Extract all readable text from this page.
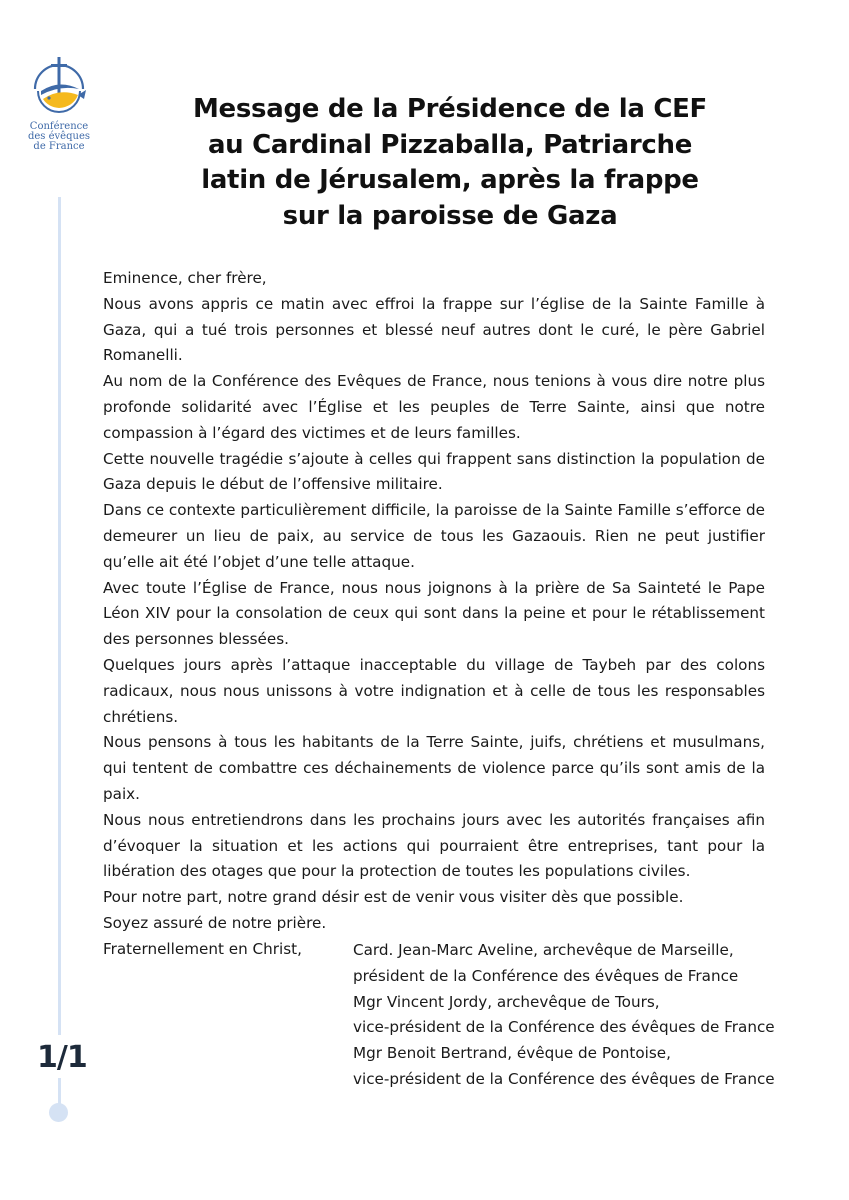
Conférence
des évêques
de France
1/1
Message de la Présidence de la CEF
au Cardinal Pizzaballa, Patriarche
latin de Jérusalem, après la frappe
sur la paroisse de Gaza

Eminence, cher frère,

Nous avons appris ce matin avec effroi la frappe sur l’église de la Sainte Famille à Gaza, qui a tué trois personnes et blessé neuf autres dont le curé, le père Gabriel Romanelli.

Au nom de la Conférence des Evêques de France, nous tenions à vous dire notre plus profonde solidarité avec l’Église et les peuples de Terre Sainte, ainsi que notre compassion à l’égard des victimes et de leurs familles.

Cette nouvelle tragédie s’ajoute à celles qui frappent sans distinction la population de Gaza depuis le début de l’offensive militaire.

Dans ce contexte particulièrement difficile, la paroisse de la Sainte Famille s’efforce de demeurer un lieu de paix, au service de tous les Gazaouis. Rien ne peut justifier qu’elle ait été l’objet d’une telle attaque.

Avec toute l’Église de France, nous nous joignons à la prière de Sa Sainteté le Pape Léon XIV pour la consolation de ceux qui sont dans la peine et pour le rétablissement des personnes blessées.

Quelques jours après l’attaque inacceptable du village de Taybeh par des colons radicaux, nous nous unissons à votre indignation et à celle de tous les responsables chrétiens.

Nous pensons à tous les habitants de la Terre Sainte, juifs, chrétiens et musulmans, qui tentent de combattre ces déchainements de violence parce qu’ils sont amis de la paix.

Nous nous entretiendrons dans les prochains jours avec les autorités françaises afin d’évoquer la situation et les actions qui pourraient être entreprises, tant pour la libération des otages que pour la protection de toutes les populations civiles.

Pour notre part, notre grand désir est de venir vous visiter dès que possible.

Soyez assuré de notre prière.

Fraternellement en Christ,	Card. Jean-Marc Aveline, archevêque de Marseille,
président de la Conférence des évêques de France
Mgr Vincent Jordy, archevêque de Tours,
vice-président de la Conférence des évêques de France
Mgr Benoit Bertrand, évêque de Pontoise,
vice-président de la Conférence des évêques de France
